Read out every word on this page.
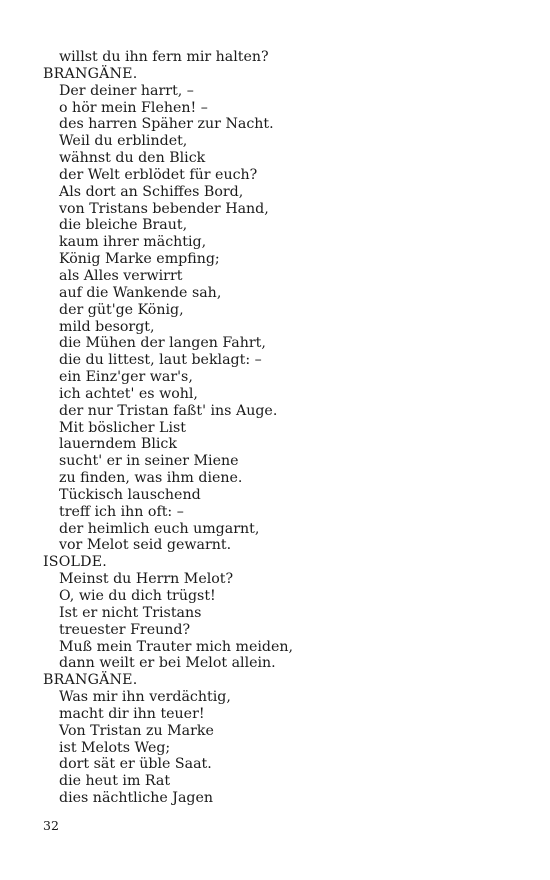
willst du ihn fern mir halten?
BRANGÄNE.
Der deiner harrt, –
o hör mein Flehen! –
des harren Späher zur Nacht.
Weil du erblindet,
wähnst du den Blick
der Welt erblödet für euch?
Als dort an Schiffes Bord,
von Tristans bebender Hand,
die bleiche Braut,
kaum ihrer mächtig,
König Marke empfing;
als Alles verwirrt
auf die Wankende sah,
der güt'ge König,
mild besorgt,
die Mühen der langen Fahrt,
die du littest, laut beklagt: –
ein Einz'ger war's,
ich achtet' es wohl,
der nur Tristan faßt' ins Auge.
Mit böslicher List
lauerndem Blick
sucht' er in seiner Miene
zu finden, was ihm diene.
Tückisch lauschend
treff ich ihn oft: –
der heimlich euch umgarnt,
vor Melot seid gewarnt.
ISOLDE.
Meinst du Herrn Melot?
O, wie du dich trügst!
Ist er nicht Tristans
treuester Freund?
Muß mein Trauter mich meiden,
dann weilt er bei Melot allein.
BRANGÄNE.
Was mir ihn verdächtig,
macht dir ihn teuer!
Von Tristan zu Marke
ist Melots Weg;
dort sät er üble Saat.
die heut im Rat
dies nächtliche Jagen
32
